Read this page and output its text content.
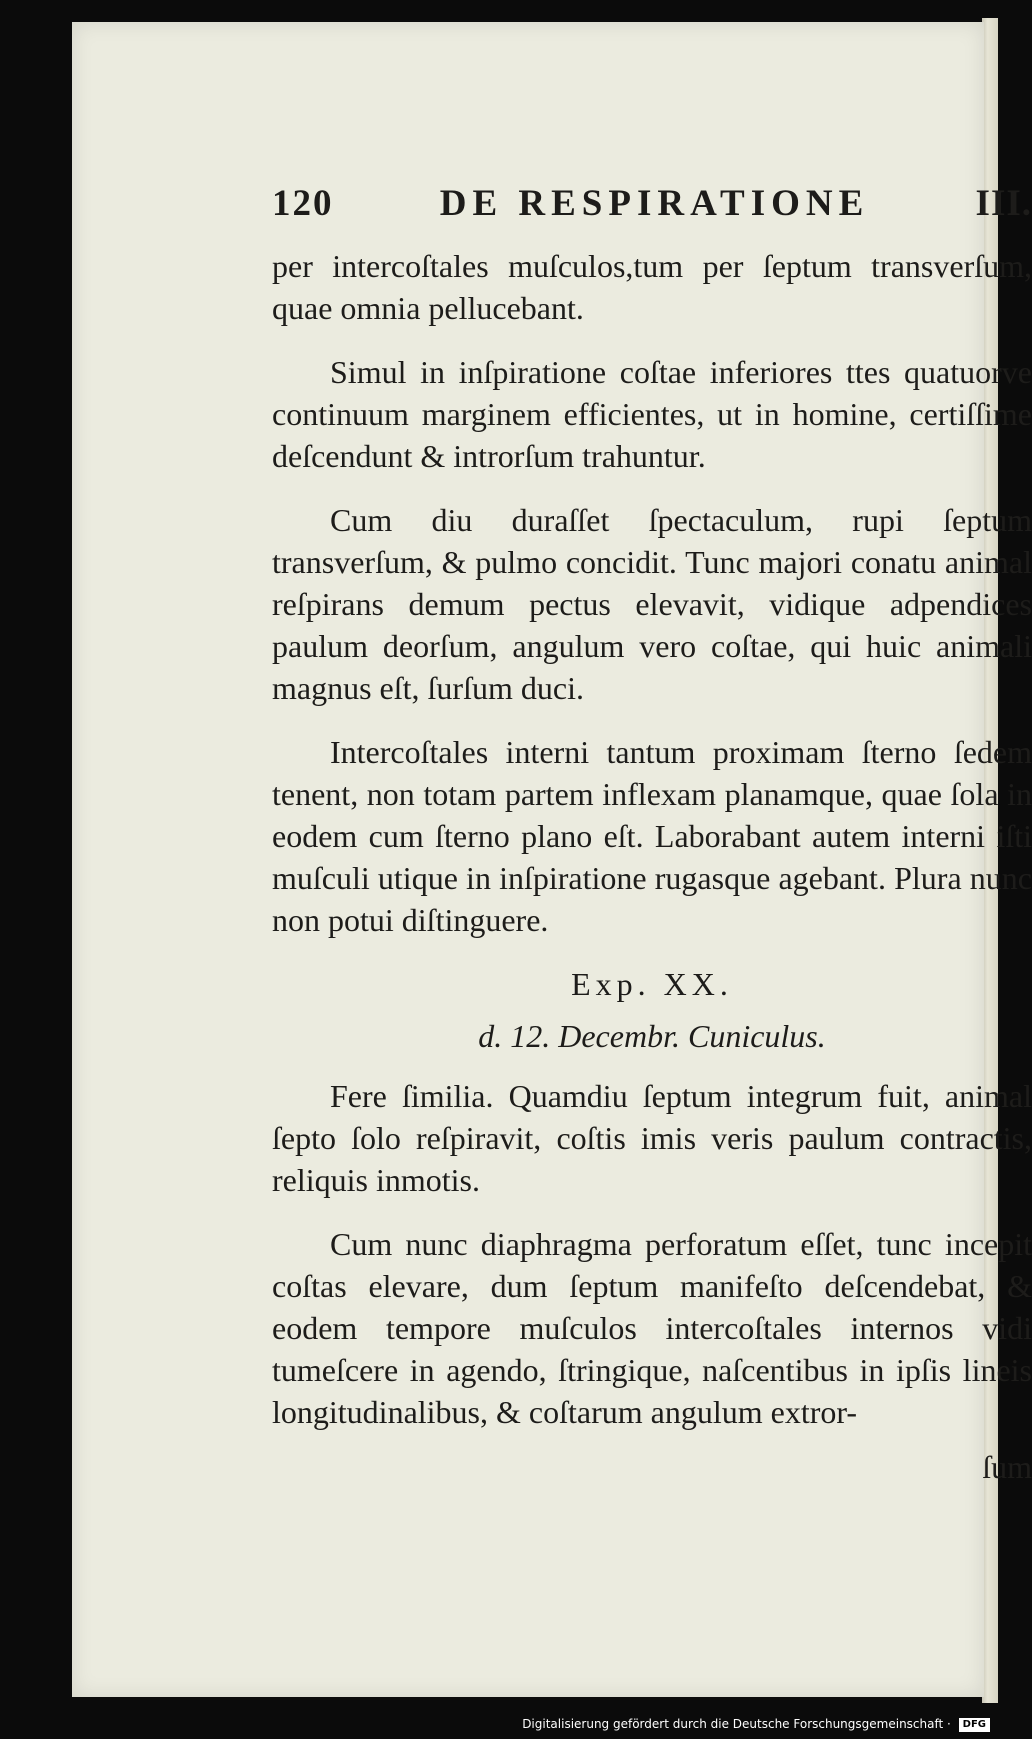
120	DE RESPIRATIONE	III.

per intercoſtales muſculos,tum per ſeptum transverſum, quae omnia pellucebant.

Simul in inſpiratione coſtae inferiores ttes quatuorve continuum marginem efficientes, ut in homine, certiſſime deſcendunt & introrſum trahuntur.

Cum diu duraſſet ſpectaculum, rupi ſeptum transverſum, & pulmo concidit. Tunc majori conatu animal reſpirans demum pectus elevavit, vidique adpendices paulum deorſum, angulum vero coſtae, qui huic animali magnus eſt, ſurſum duci.

Intercoſtales interni tantum proximam ſterno ſedem tenent, non totam partem inflexam planamque, quae ſola in eodem cum ſterno plano eſt. Laborabant autem interni iſti muſculi utique in inſpiratione rugasque agebant. Plura nunc non potui diſtinguere.

Exp. XX.
d. 12. Decembr. Cuniculus.

Fere ſimilia. Quamdiu ſeptum integrum fuit, animal ſepto ſolo reſpiravit, coſtis imis veris paulum contractis, reliquis inmotis.

Cum nunc diaphragma perforatum eſſet, tunc incepit coſtas elevare, dum ſeptum manifeſto deſcendebat, & eodem tempore muſculos intercoſtales internos vidi tumeſcere in agendo, ſtringique, naſcentibus in ipſis lineis longitudinalibus, & coſtarum angulum extror-

ſum
Digitalisierung gefördert durch die Deutsche Forschungsgemeinschaft · DFG
